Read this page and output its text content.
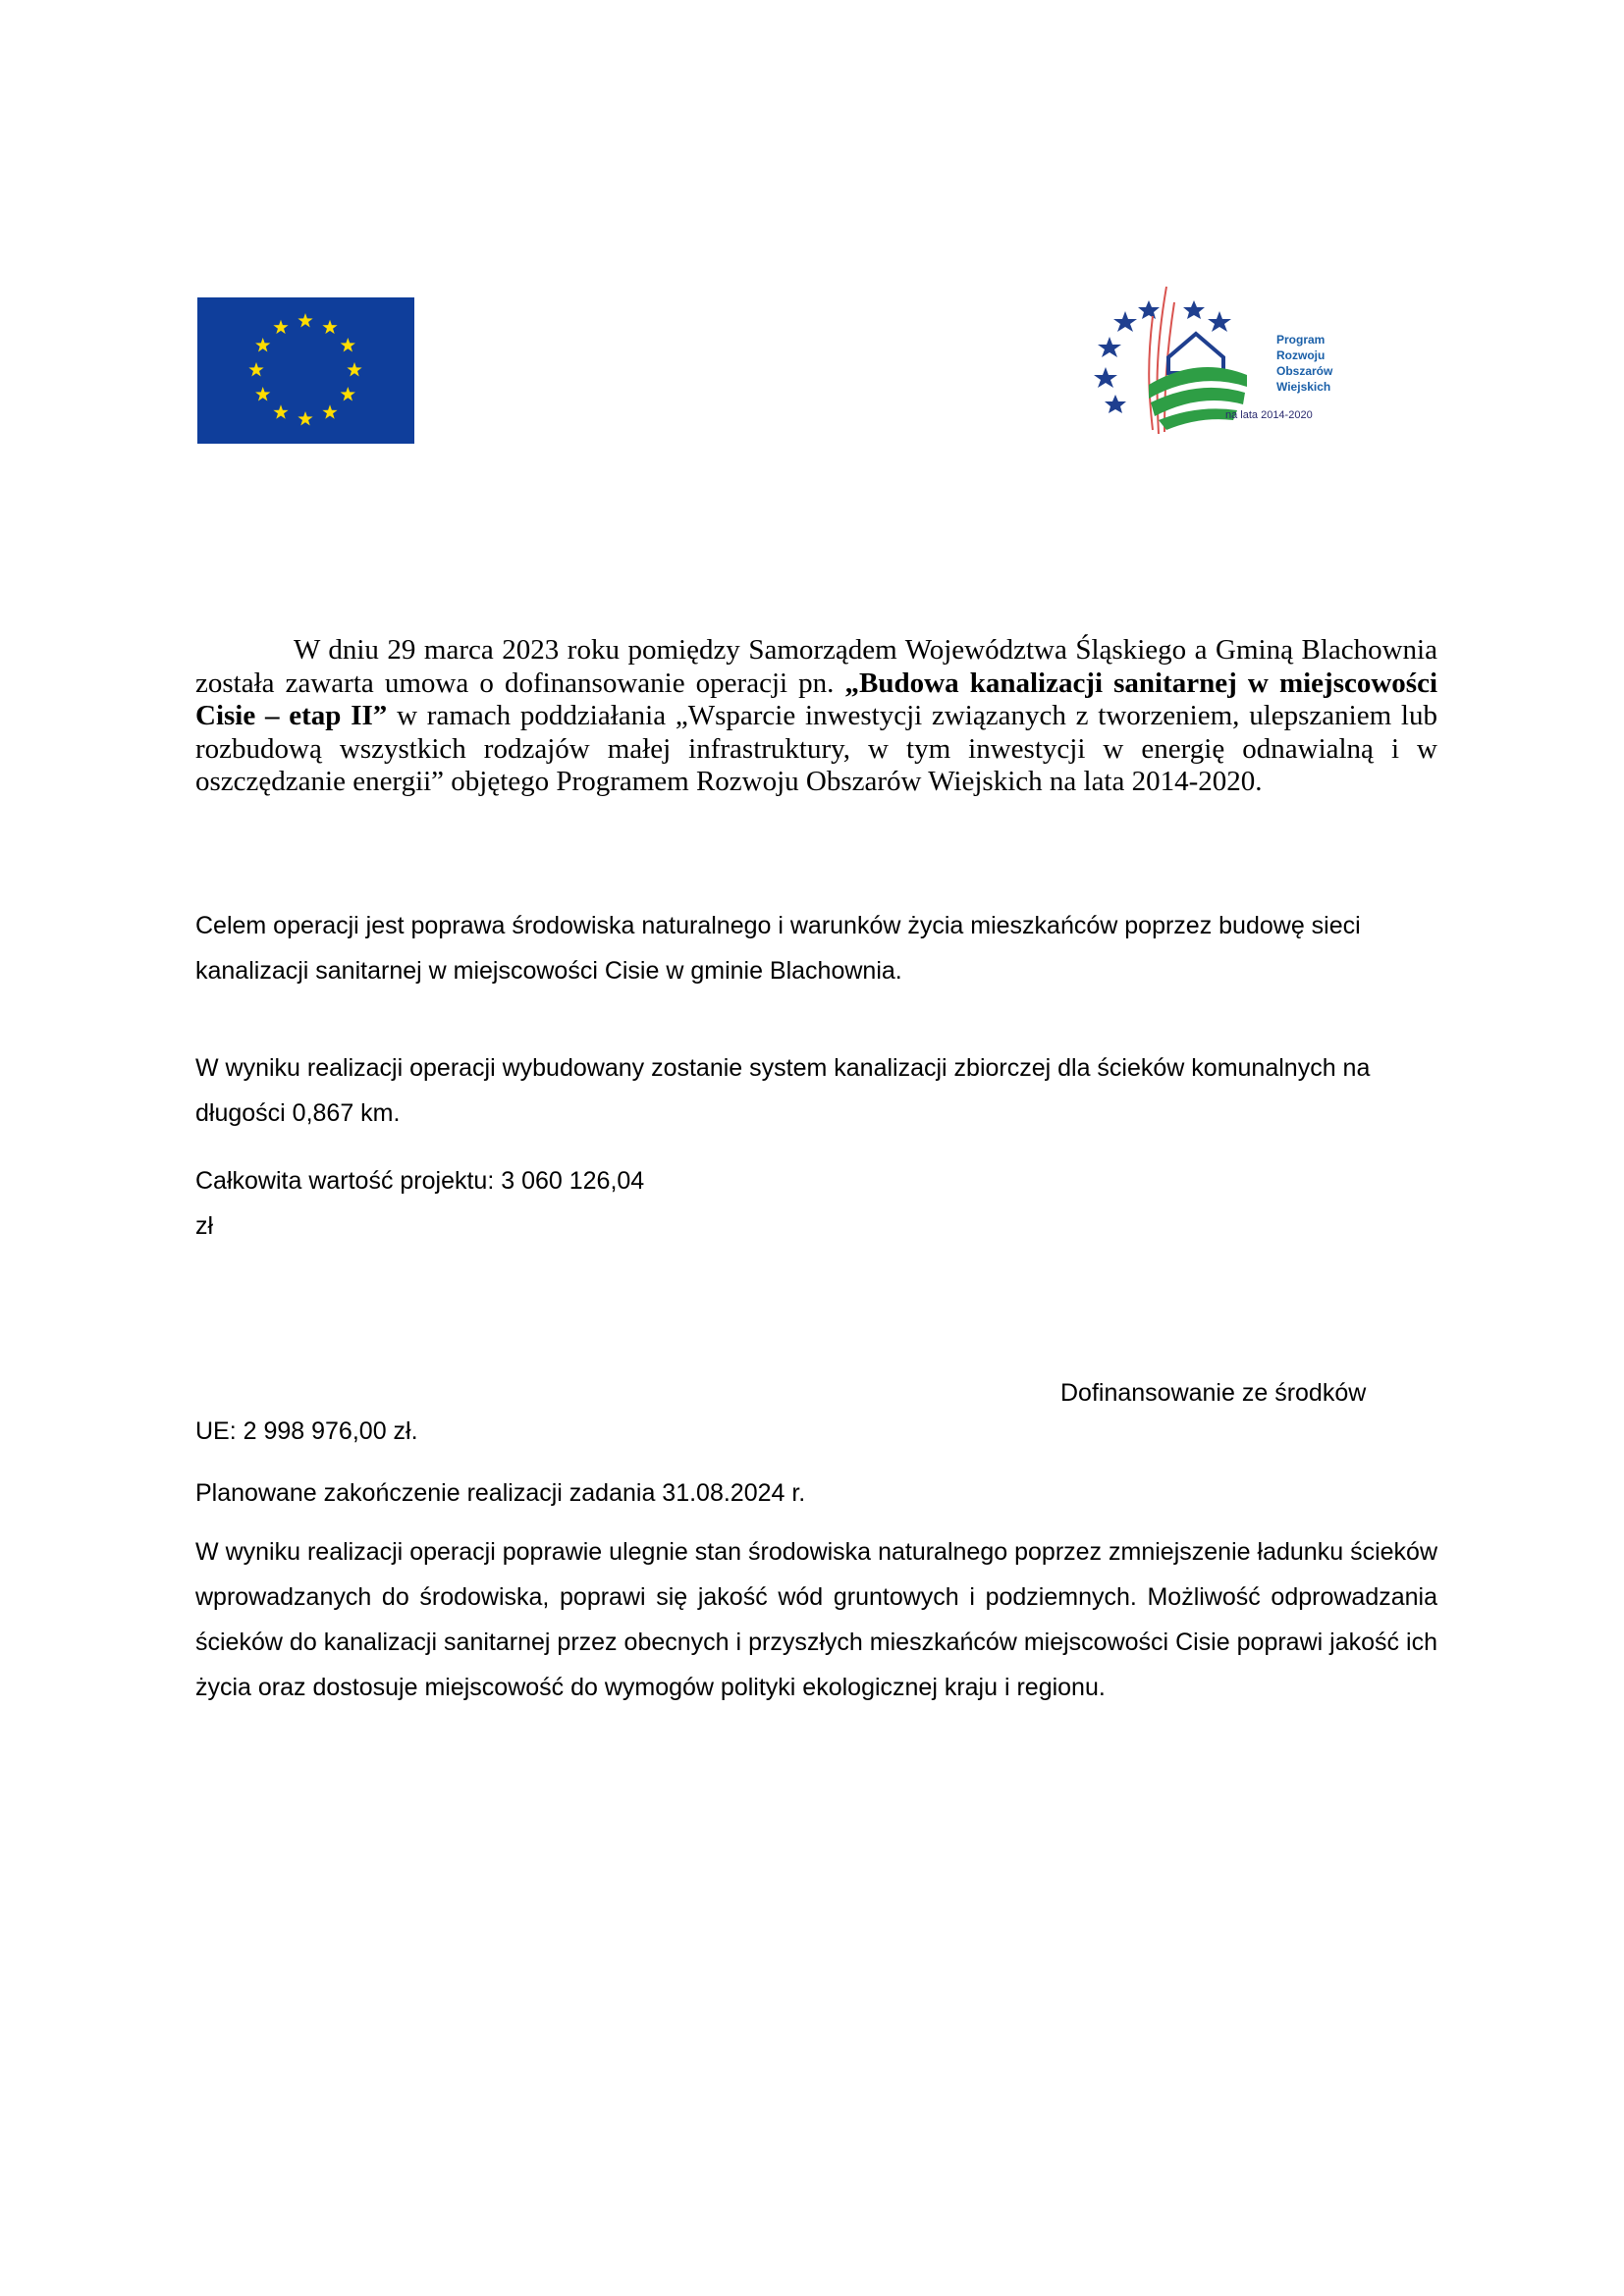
Program
Rozwoju
Obszarów
Wiejskich
na lata 2014-2020

W dniu 29 marca 2023 roku pomiędzy Samorządem Województwa Śląskiego a Gminą Blachownia została zawarta umowa o dofinansowanie operacji pn. „Budowa kanalizacji sanitarnej w miejscowości Cisie – etap II” w ramach poddziałania „Wsparcie inwestycji związanych z tworzeniem, ulepszaniem lub rozbudową wszystkich rodzajów małej infrastruktury, w tym inwestycji w energię odnawialną i w oszczędzanie energii” objętego Programem Rozwoju Obszarów Wiejskich na lata 2014-2020.

Celem operacji jest poprawa środowiska naturalnego i warunków życia mieszkańców poprzez budowę sieci kanalizacji sanitarnej w miejscowości Cisie w gminie Blachownia.

W wyniku realizacji operacji wybudowany zostanie system kanalizacji zbiorczej dla ścieków komunalnych na długości 0,867 km.

Całkowita wartość projektu: 3 060 126,04
zł

Dofinansowanie ze środków

UE: 2 998 976,00 zł.

Planowane zakończenie realizacji zadania 31.08.2024 r.

W wyniku realizacji operacji poprawie ulegnie stan środowiska naturalnego poprzez zmniejszenie ładunku ścieków wprowadzanych do środowiska, poprawi się jakość wód gruntowych i podziemnych. Możliwość odprowadzania ścieków do kanalizacji sanitarnej przez obecnych i przyszłych mieszkańców miejscowości Cisie poprawi jakość ich życia oraz dostosuje miejscowość do wymogów polityki ekologicznej kraju i regionu.
